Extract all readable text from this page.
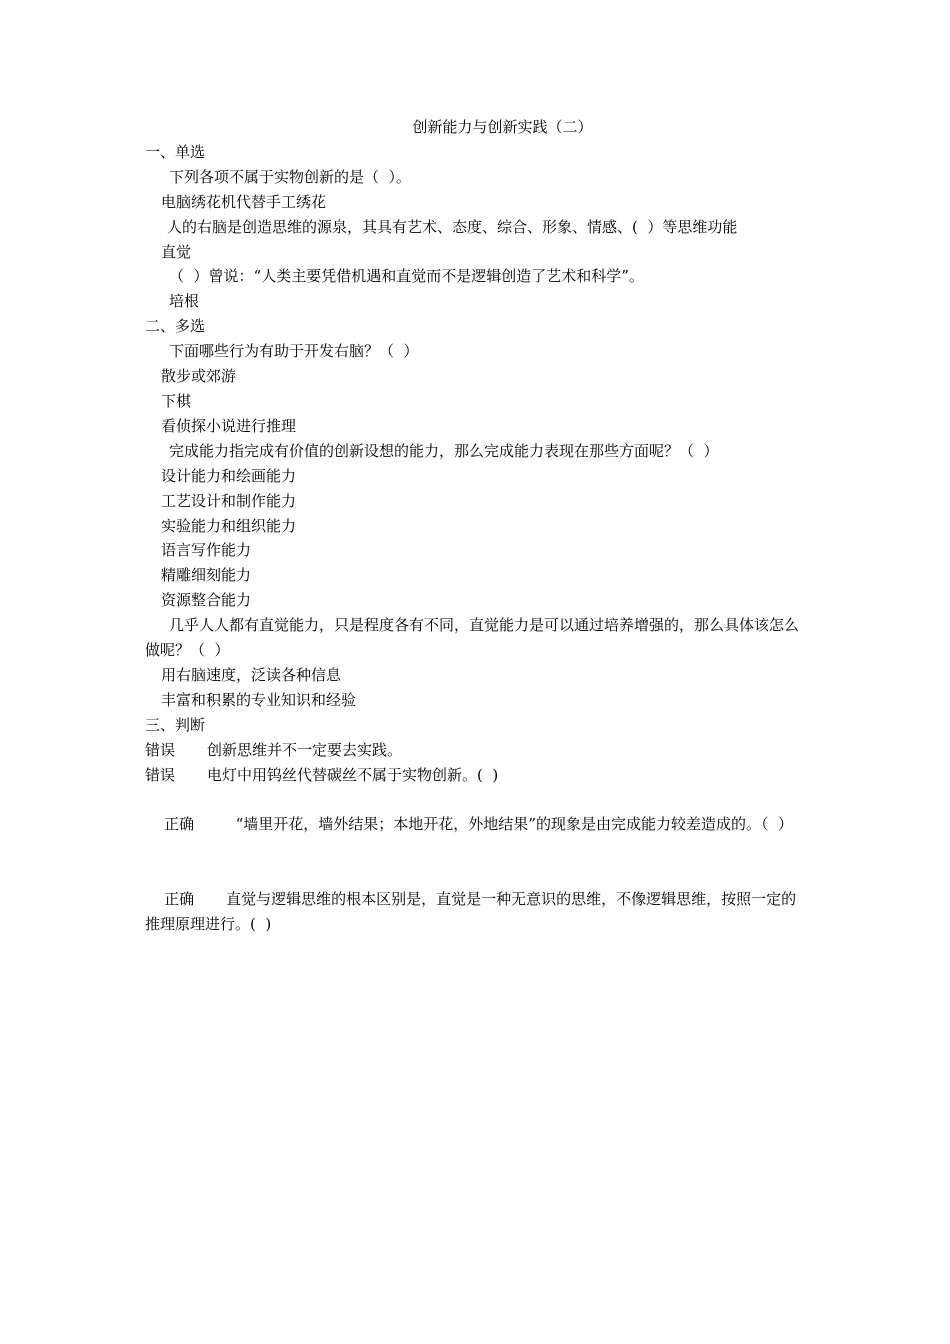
创新能力与创新实践（二）
一、单选
下列各项不属于实物创新的是（  ）。
电脑绣花机代替手工绣花
人的右脑是创造思维的源泉，其具有艺术、态度、综合、形象、情感、(  ）等思维功能
直觉
（  ）曾说：“人类主要凭借机遇和直觉而不是逻辑创造了艺术和科学”。
培根
二、多选
下面哪些行为有助于开发右脑？（  ）
散步或郊游
下棋
看侦探小说进行推理
完成能力指完成有价值的创新设想的能力，那么完成能力表现在那些方面呢？（  ）
设计能力和绘画能力
工艺设计和制作能力
实验能力和组织能力
语言写作能力
精雕细刻能力
资源整合能力
几乎人人都有直觉能力，只是程度各有不同，直觉能力是可以通过培养增强的，那么具体该怎么做呢？（  ）
用右脑速度，泛读各种信息
丰富和积累的专业知识和经验
三、判断
错误	创新思维并不一定要去实践。
错误	电灯中用钨丝代替碳丝不属于实物创新。(  )

正确  “墙里开花，墙外结果；本地开花，外地结果”的现象是由完成能力较差造成的。（  ）

正确 直觉与逻辑思维的根本区别是，直觉是一种无意识的思维，不像逻辑思维，按照一定的推理原理进行。(  )
